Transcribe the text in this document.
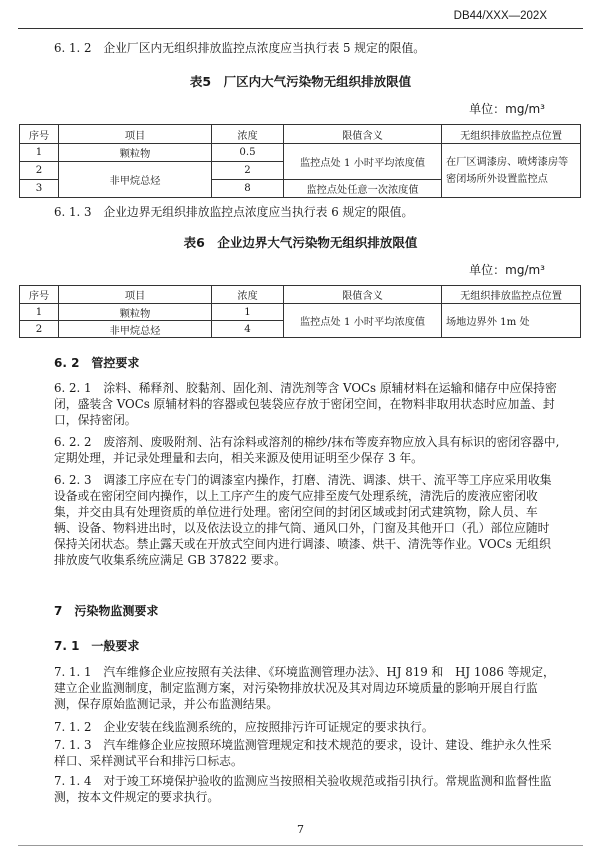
DB44/XXX—202X
6. 1. 2　企业厂区内无组织排放监控点浓度应当执行表 5 规定的限值。
表5　厂区内大气污染物无组织排放限值
单位：mg/m³
序号	项目	浓度	限值含义	无组织排放监控点位置
1	颗粒物	0.5	监控点处 1 小时平均浓度值	在厂区调漆房、喷烤漆房等密闭场所外设置监控点
2	非甲烷总烃	2		
3		8	监控点处任意一次浓度值	
6. 1. 3　企业边界无组织排放监控点浓度应当执行表 6 规定的限值。
表6　企业边界大气污染物无组织排放限值
单位：mg/m³
序号	项目	浓度	限值含义	无组织排放监控点位置
1	颗粒物	1	监控点处 1 小时平均浓度值	场地边界外 1m 处
2	非甲烷总烃	4		
6. 2　管控要求
6. 2. 1　涂料、稀释剂、胶黏剂、固化剂、清洗剂等含 VOCs 原辅材料在运输和储存中应保持密闭，盛装含 VOCs 原辅材料的容器或包装袋应存放于密闭空间，在物料非取用状态时应加盖、封口，保持密闭。
6. 2. 2　废溶剂、废吸附剂、沾有涂料或溶剂的棉纱/抹布等废弃物应放入具有标识的密闭容器中,定期处理，并记录处理量和去向，相关来源及使用证明至少保存 3 年。
6. 2. 3　调漆工序应在专门的调漆室内操作，打磨、清洗、调漆、烘干、流平等工序应采用收集设备或在密闭空间内操作，以上工序产生的废气应排至废气处理系统，清洗后的废液应密闭收集，并交由具有处理资质的单位进行处理。密闭空间的封闭区域或封闭式建筑物，除人员、车辆、设备、物料进出时，以及依法设立的排气筒、通风口外，门窗及其他开口（孔）部位应随时保持关闭状态。禁止露天或在开放式空间内进行调漆、喷漆、烘干、清洗等作业。VOCs 无组织排放废气收集系统应满足 GB 37822 要求。
7　污染物监测要求
7. 1　一般要求
7. 1. 1　汽车维修企业应按照有关法律、《环境监测管理办法》、HJ 819 和　HJ 1086 等规定，建立企业监测制度，制定监测方案，对污染物排放状况及其对周边环境质量的影响开展自行监测，保存原始监测记录，并公布监测结果。
7. 1. 2　企业安装在线监测系统的，应按照排污许可证规定的要求执行。
7. 1. 3　汽车维修企业应按照环境监测管理规定和技术规范的要求，设计、建设、维护永久性采样口、采样测试平台和排污口标志。
7. 1. 4　对于竣工环境保护验收的监测应当按照相关验收规范或指引执行。常规监测和监督性监测，按本文件规定的要求执行。
7
